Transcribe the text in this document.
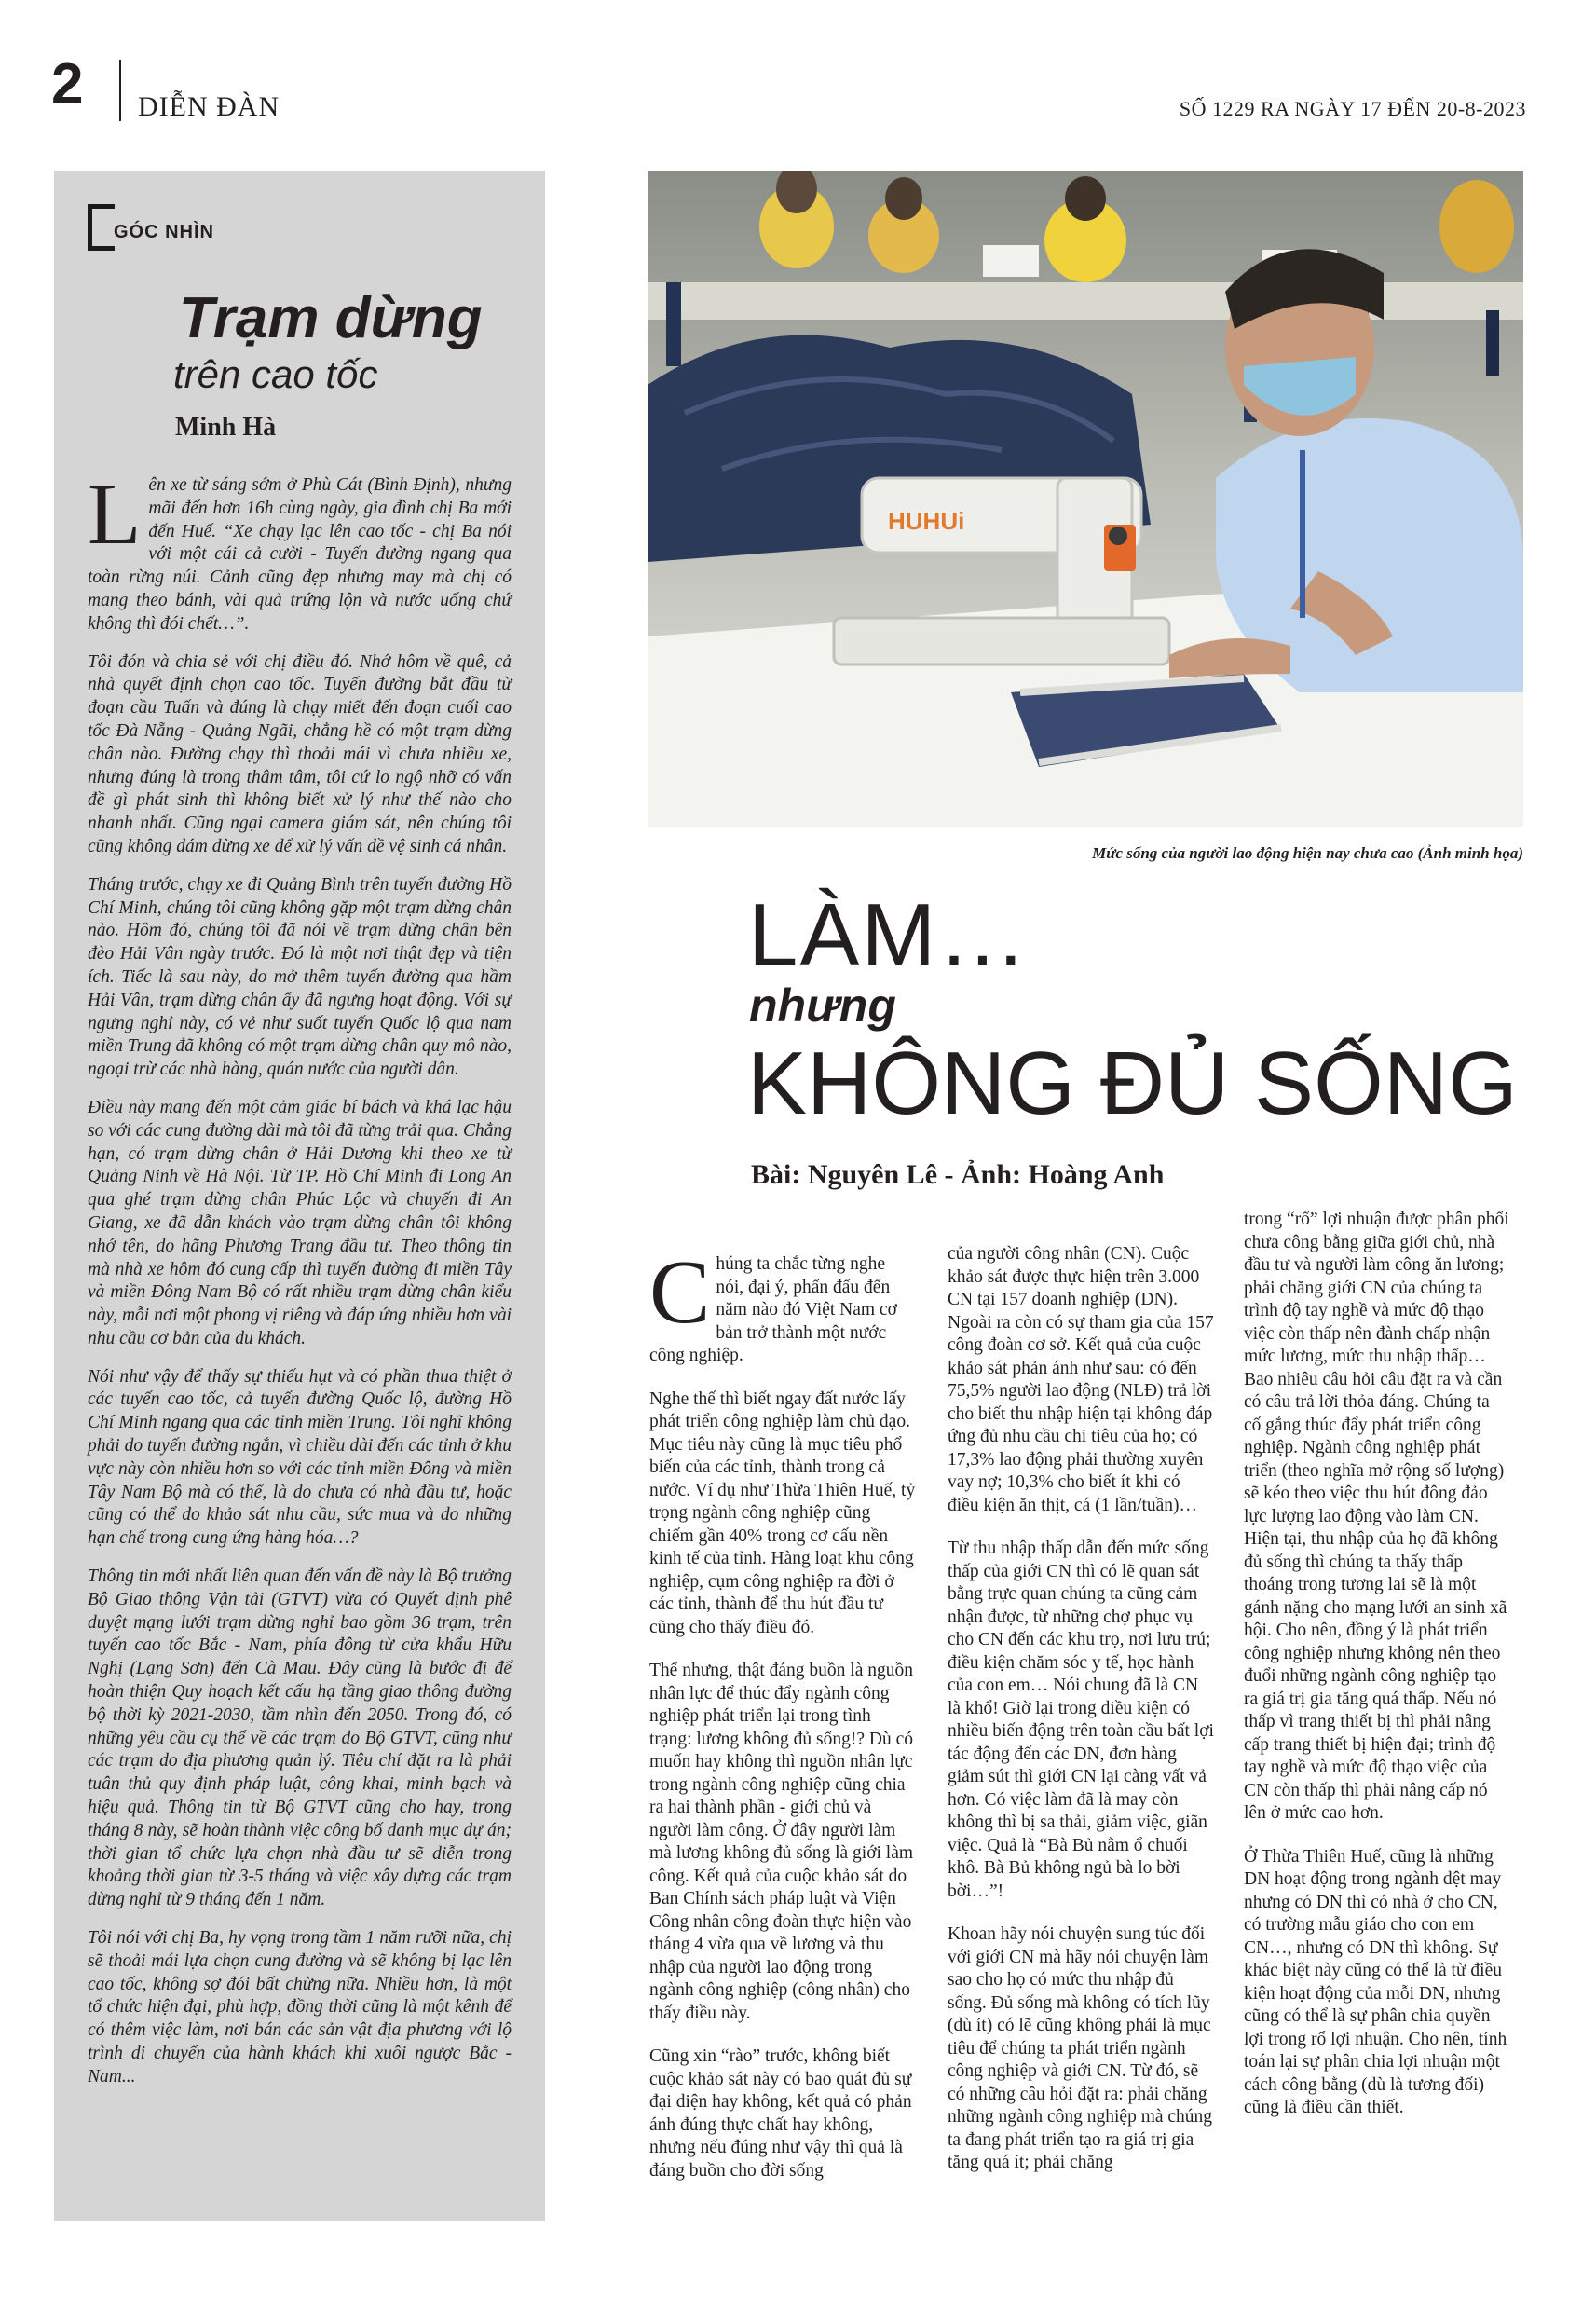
2 DIỄN ĐÀN	SỐ 1229 RA NGÀY 17 ĐẾN 20-8-2023
GÓC NHÌN
Trạm dừng
trên cao tốc
Minh Hà

Lên xe từ sáng sớm ở Phù Cát (Bình Định), nhưng mãi đến hơn 16h cùng ngày, gia đình chị Ba mới đến Huế. “Xe chạy lạc lên cao tốc - chị Ba nói với một cái cả cười - Tuyến đường ngang qua toàn rừng núi. Cảnh cũng đẹp nhưng may mà chị có mang theo bánh, vài quả trứng lộn và nước uống chứ không thì đói chết…”.

Tôi đón và chia sẻ với chị điều đó. Nhớ hôm về quê, cả nhà quyết định chọn cao tốc. Tuyến đường bắt đầu từ đoạn cầu Tuấn và đúng là chạy miết đến đoạn cuối cao tốc Đà Nẵng - Quảng Ngãi, chẳng hề có một trạm dừng chân nào. Đường chạy thì thoải mái vì chưa nhiều xe, nhưng đúng là trong thâm tâm, tôi cứ lo ngộ nhỡ có vấn đề gì phát sinh thì không biết xử lý như thế nào cho nhanh nhất. Cũng ngại camera giám sát, nên chúng tôi cũng không dám dừng xe để xử lý vấn đề vệ sinh cá nhân.

Tháng trước, chạy xe đi Quảng Bình trên tuyến đường Hồ Chí Minh, chúng tôi cũng không gặp một trạm dừng chân nào. Hôm đó, chúng tôi đã nói về trạm dừng chân bên đèo Hải Vân ngày trước. Đó là một nơi thật đẹp và tiện ích. Tiếc là sau này, do mở thêm tuyến đường qua hầm Hải Vân, trạm dừng chân ấy đã ngưng hoạt động. Với sự ngưng nghỉ này, có vẻ như suốt tuyến Quốc lộ qua nam miền Trung đã không có một trạm dừng chân quy mô nào, ngoại trừ các nhà hàng, quán nước của người dân.

Điều này mang đến một cảm giác bí bách và khá lạc hậu so với các cung đường dài mà tôi đã từng trải qua. Chẳng hạn, có trạm dừng chân ở Hải Dương khi theo xe từ Quảng Ninh về Hà Nội. Từ TP. Hồ Chí Minh đi Long An qua ghé trạm dừng chân Phúc Lộc và chuyến đi An Giang, xe đã dẫn khách vào trạm dừng chân tôi không nhớ tên, do hãng Phương Trang đầu tư. Theo thông tin mà nhà xe hôm đó cung cấp thì tuyến đường đi miền Tây và miền Đông Nam Bộ có rất nhiều trạm dừng chân kiểu này, mỗi nơi một phong vị riêng và đáp ứng nhiều hơn vài nhu cầu cơ bản của du khách.

Nói như vậy để thấy sự thiếu hụt và có phần thua thiệt ở các tuyến cao tốc, cả tuyến đường Quốc lộ, đường Hồ Chí Minh ngang qua các tỉnh miền Trung. Tôi nghĩ không phải do tuyến đường ngắn, vì chiều dài đến các tỉnh ở khu vực này còn nhiều hơn so với các tỉnh miền Đông và miền Tây Nam Bộ mà có thể, là do chưa có nhà đầu tư, hoặc cũng có thể do khảo sát nhu cầu, sức mua và do những hạn chế trong cung ứng hàng hóa…?

Thông tin mới nhất liên quan đến vấn đề này là Bộ trưởng Bộ Giao thông Vận tải (GTVT) vừa có Quyết định phê duyệt mạng lưới trạm dừng nghỉ bao gồm 36 trạm, trên tuyến cao tốc Bắc - Nam, phía đông từ cửa khẩu Hữu Nghị (Lạng Sơn) đến Cà Mau. Đây cũng là bước đi để hoàn thiện Quy hoạch kết cấu hạ tầng giao thông đường bộ thời kỳ 2021-2030, tầm nhìn đến 2050. Trong đó, có những yêu cầu cụ thể về các trạm do Bộ GTVT, cũng như các trạm do địa phương quản lý. Tiêu chí đặt ra là phải tuân thủ quy định pháp luật, công khai, minh bạch và hiệu quả. Thông tin từ Bộ GTVT cũng cho hay, trong tháng 8 này, sẽ hoàn thành việc công bố danh mục dự án; thời gian tổ chức lựa chọn nhà đầu tư sẽ diễn trong khoảng thời gian từ 3-5 tháng và việc xây dựng các trạm dừng nghỉ từ 9 tháng đến 1 năm.

Tôi nói với chị Ba, hy vọng trong tầm 1 năm rưỡi nữa, chị sẽ thoải mái lựa chọn cung đường và sẽ không bị lạc lên cao tốc, không sợ đói bất chừng nữa. Nhiều hơn, là một tổ chức hiện đại, phù hợp, đồng thời cũng là một kênh để có thêm việc làm, nơi bán các sản vật địa phương với lộ trình di chuyển của hành khách khi xuôi ngược Bắc - Nam...

HUHUi
Mức sống của người lao động hiện nay chưa cao (Ảnh minh họa)
LÀM…
nhưng
KHÔNG ĐỦ SỐNG
Bài: Nguyên Lê - Ảnh: Hoàng Anh

Chúng ta chắc từng nghe nói, đại ý, phấn đấu đến năm nào đó Việt Nam cơ bản trở thành một nước công nghiệp.

Nghe thế thì biết ngay đất nước lấy phát triển công nghiệp làm chủ đạo. Mục tiêu này cũng là mục tiêu phổ biến của các tỉnh, thành trong cả nước. Ví dụ như Thừa Thiên Huế, tỷ trọng ngành công nghiệp cũng chiếm gần 40% trong cơ cấu nền kinh tế của tỉnh. Hàng loạt khu công nghiệp, cụm công nghiệp ra đời ở các tỉnh, thành để thu hút đầu tư cũng cho thấy điều đó.

Thế nhưng, thật đáng buồn là nguồn nhân lực để thúc đẩy ngành công nghiệp phát triển lại trong tình trạng: lương không đủ sống!? Dù có muốn hay không thì nguồn nhân lực trong ngành công nghiệp cũng chia ra hai thành phần - giới chủ và người làm công. Ở đây người làm mà lương không đủ sống là giới làm công. Kết quả của cuộc khảo sát do Ban Chính sách pháp luật và Viện Công nhân công đoàn thực hiện vào tháng 4 vừa qua về lương và thu nhập của người lao động trong ngành công nghiệp (công nhân) cho thấy điều này.

Cũng xin “rào” trước, không biết cuộc khảo sát này có bao quát đủ sự đại diện hay không, kết quả có phản ánh đúng thực chất hay không, nhưng nếu đúng như vậy thì quả là đáng buồn cho đời sống

của người công nhân (CN). Cuộc khảo sát được thực hiện trên 3.000 CN tại 157 doanh nghiệp (DN). Ngoài ra còn có sự tham gia của 157 công đoàn cơ sở. Kết quả của cuộc khảo sát phản ánh như sau: có đến 75,5% người lao động (NLĐ) trả lời cho biết thu nhập hiện tại không đáp ứng đủ nhu cầu chi tiêu của họ; có 17,3% lao động phải thường xuyên vay nợ; 10,3% cho biết ít khi có điều kiện ăn thịt, cá (1 lần/tuần)…

Từ thu nhập thấp dẫn đến mức sống thấp của giới CN thì có lẽ quan sát bằng trực quan chúng ta cũng cảm nhận được, từ những chợ phục vụ cho CN đến các khu trọ, nơi lưu trú; điều kiện chăm sóc y tế, học hành của con em… Nói chung đã là CN là khổ! Giờ lại trong điều kiện có nhiều biến động trên toàn cầu bất lợi tác động đến các DN, đơn hàng giảm sút thì giới CN lại càng vất vả hơn. Có việc làm đã là may còn không thì bị sa thải, giảm việc, giãn việc. Quả là “Bà Bủ nằm ổ chuối khô. Bà Bủ không ngủ bà lo bời bời…”!

Khoan hãy nói chuyện sung túc đối với giới CN mà hãy nói chuyện làm sao cho họ có mức thu nhập đủ sống. Đủ sống mà không có tích lũy (dù ít) có lẽ cũng không phải là mục tiêu để chúng ta phát triển ngành công nghiệp và giới CN. Từ đó, sẽ có những câu hỏi đặt ra: phải chăng những ngành công nghiệp mà chúng ta đang phát triển tạo ra giá trị gia tăng quá ít; phải chăng

trong “rổ” lợi nhuận được phân phối chưa công bằng giữa giới chủ, nhà đầu tư và người làm công ăn lương; phải chăng giới CN của chúng ta trình độ tay nghề và mức độ thạo việc còn thấp nên đành chấp nhận mức lương, mức thu nhập thấp… Bao nhiêu câu hỏi câu đặt ra và cần có câu trả lời thỏa đáng. Chúng ta cố gắng thúc đẩy phát triển công nghiệp. Ngành công nghiệp phát triển (theo nghĩa mở rộng số lượng) sẽ kéo theo việc thu hút đông đảo lực lượng lao động vào làm CN. Hiện tại, thu nhập của họ đã không đủ sống thì chúng ta thấy thấp thoáng trong tương lai sẽ là một gánh nặng cho mạng lưới an sinh xã hội. Cho nên, đồng ý là phát triển công nghiệp nhưng không nên theo đuổi những ngành công nghiệp tạo ra giá trị gia tăng quá thấp. Nếu nó thấp vì trang thiết bị thì phải nâng cấp trang thiết bị hiện đại; trình độ tay nghề và mức độ thạo việc của CN còn thấp thì phải nâng cấp nó lên ở mức cao hơn.

Ở Thừa Thiên Huế, cũng là những DN hoạt động trong ngành dệt may nhưng có DN thì có nhà ở cho CN, có trường mẫu giáo cho con em CN…, nhưng có DN thì không. Sự khác biệt này cũng có thể là từ điều kiện hoạt động của mỗi DN, nhưng cũng có thể là sự phân chia quyền lợi trong rổ lợi nhuận. Cho nên, tính toán lại sự phân chia lợi nhuận một cách công bằng (dù là tương đối) cũng là điều cần thiết.
